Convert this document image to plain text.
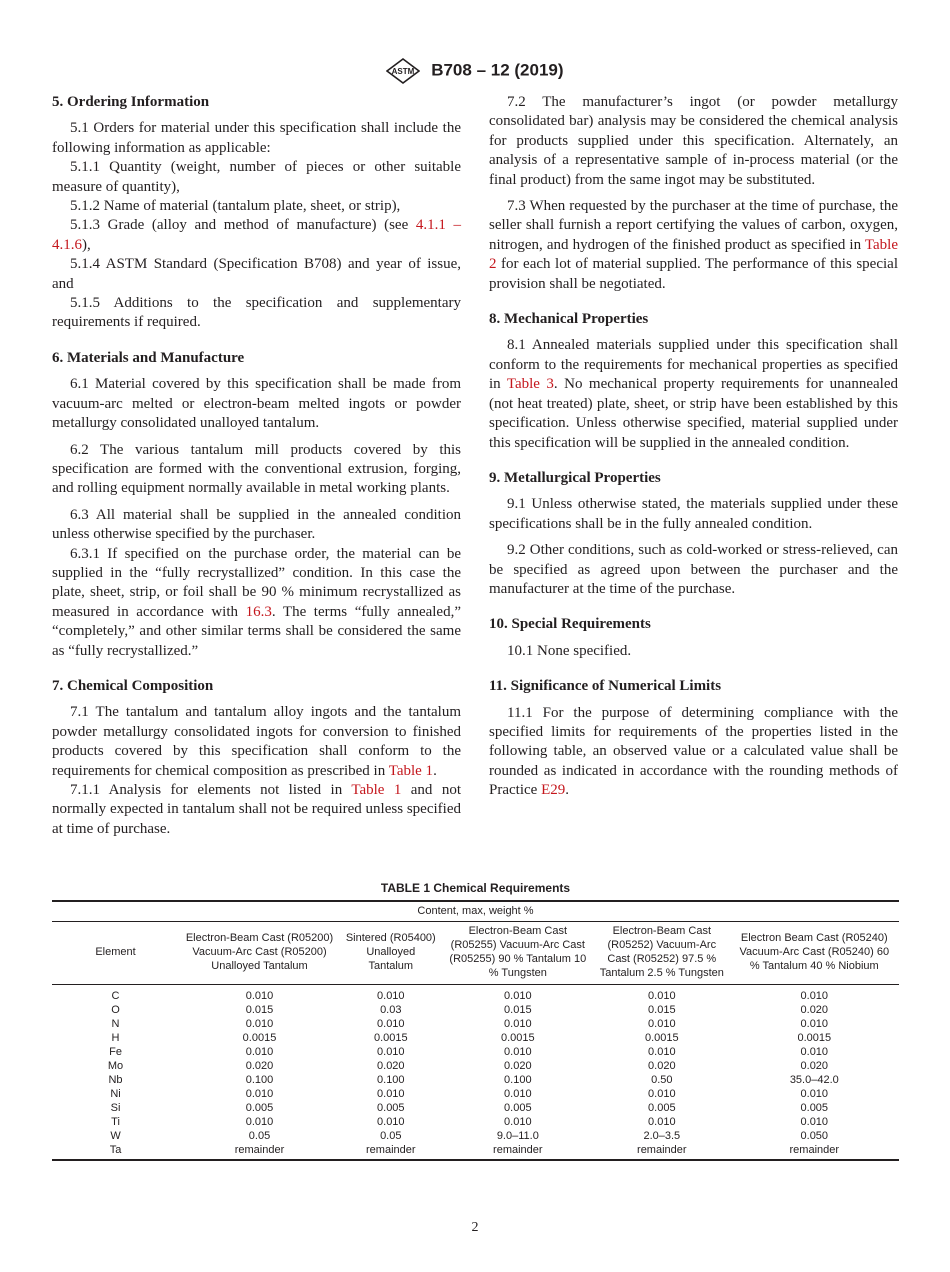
ASTM B708 – 12 (2019)
5. Ordering Information
5.1 Orders for material under this specification shall include the following information as applicable:
5.1.1 Quantity (weight, number of pieces or other suitable measure of quantity),
5.1.2 Name of material (tantalum plate, sheet, or strip),
5.1.3 Grade (alloy and method of manufacture) (see 4.1.1 – 4.1.6),
5.1.4 ASTM Standard (Specification B708) and year of issue, and
5.1.5 Additions to the specification and supplementary requirements if required.
6. Materials and Manufacture
6.1 Material covered by this specification shall be made from vacuum-arc melted or electron-beam melted ingots or powder metallurgy consolidated unalloyed tantalum.
6.2 The various tantalum mill products covered by this specification are formed with the conventional extrusion, forging, and rolling equipment normally available in metal working plants.
6.3 All material shall be supplied in the annealed condition unless otherwise specified by the purchaser.
6.3.1 If specified on the purchase order, the material can be supplied in the “fully recrystallized” condition. In this case the plate, sheet, strip, or foil shall be 90 % minimum recrystallized as measured in accordance with 16.3. The terms “fully annealed,” “completely,” and other similar terms shall be considered the same as “fully recrystallized.”
7. Chemical Composition
7.1 The tantalum and tantalum alloy ingots and the tantalum powder metallurgy consolidated ingots for conversion to finished products covered by this specification shall conform to the requirements for chemical composition as prescribed in Table 1.
7.1.1 Analysis for elements not listed in Table 1 and not normally expected in tantalum shall not be required unless specified at time of purchase.
7.2 The manufacturer’s ingot (or powder metallurgy consolidated bar) analysis may be considered the chemical analysis for products supplied under this specification. Alternately, an analysis of a representative sample of in-process material (or the final product) from the same ingot may be substituted.
7.3 When requested by the purchaser at the time of purchase, the seller shall furnish a report certifying the values of carbon, oxygen, nitrogen, and hydrogen of the finished product as specified in Table 2 for each lot of material supplied. The performance of this special provision shall be negotiated.
8. Mechanical Properties
8.1 Annealed materials supplied under this specification shall conform to the requirements for mechanical properties as specified in Table 3. No mechanical property requirements for unannealed (not heat treated) plate, sheet, or strip have been established by this specification. Unless otherwise specified, material supplied under this specification will be supplied in the annealed condition.
9. Metallurgical Properties
9.1 Unless otherwise stated, the materials supplied under these specifications shall be in the fully annealed condition.
9.2 Other conditions, such as cold-worked or stress-relieved, can be specified as agreed upon between the purchaser and the manufacturer at the time of the purchase.
10. Special Requirements
10.1 None specified.
11. Significance of Numerical Limits
11.1 For the purpose of determining compliance with the specified limits for requirements of the properties listed in the following table, an observed value or a calculated value shall be rounded as indicated in accordance with the rounding methods of Practice E29.
TABLE 1 Chemical Requirements
Content, max, weight %					
Element	Electron-Beam Cast (R05200) Vacuum-Arc Cast (R05200) Unalloyed Tantalum	Sintered (R05400) Unalloyed Tantalum	Electron-Beam Cast (R05255) Vacuum-Arc Cast (R05255) 90 % Tantalum 10 % Tungsten	Electron-Beam Cast (R05252) Vacuum-Arc Cast (R05252) 97.5 % Tantalum 2.5 % Tungsten	Electron Beam Cast (R05240) Vacuum-Arc Cast (R05240) 60 % Tantalum 40 % Niobium
C	0.010	0.010	0.010	0.010	0.010
O	0.015	0.03	0.015	0.015	0.020
N	0.010	0.010	0.010	0.010	0.010
H	0.0015	0.0015	0.0015	0.0015	0.0015
Fe	0.010	0.010	0.010	0.010	0.010
Mo	0.020	0.020	0.020	0.020	0.020
Nb	0.100	0.100	0.100	0.50	35.0–42.0
Ni	0.010	0.010	0.010	0.010	0.010
Si	0.005	0.005	0.005	0.005	0.005
Ti	0.010	0.010	0.010	0.010	0.010
W	0.05	0.05	9.0–11.0	2.0–3.5	0.050
Ta	remainder	remainder	remainder	remainder	remainder
2
